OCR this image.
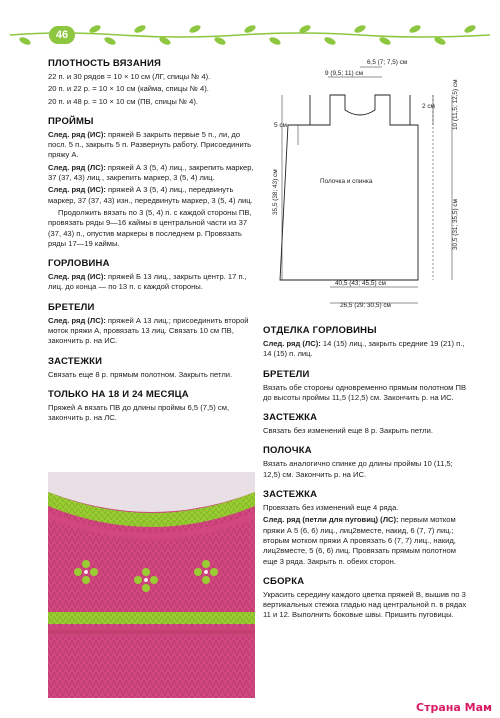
46
ПЛОТНОСТЬ ВЯЗАНИЯ

22 п. и 30 рядов = 10 × 10 см (ЛГ, спицы № 4).

20 п. и 22 р. = 10 × 10 см (кайма, спицы № 4).

20 п. и 48 р. = 10 × 10 см (ПВ, спицы № 4).

ПРОЙМЫ

След. ряд (ИС): пряжей Б закрыть первые 5 п., ли, до посл. 5 п., закрыть 5 п. Развернуть работу. Присоединить пряжу А.

След. ряд (ЛС): пряжей А 3 (5, 4) лиц., закрепить маркер, 37 (37, 43) лиц., закрепить маркер, 3 (5, 4) лиц.

След. ряд (ИС): пряжей А 3 (5, 4) лиц., передвинуть маркер, 37 (37, 43) изн., передвинуть маркер, 3 (5, 4) лиц.

Продолжить вязать по 3 (5, 4) п. с каждой стороны ПВ, провязать ряды 9—16 каймы в центральной части из 37 (37, 43) п., опустив маркеры в последнем р. Провязать ряды 17—19 каймы.

ГОРЛОВИНА

След. ряд (ИС): пряжей Б 13 лиц., закрыть центр. 17 п., лиц. до конца — по 13 п. с каждой стороны.

БРЕТЕЛИ

След. ряд (ЛС): пряжей А 13 лиц.; присоединить второй моток пряжи А, провязать 13 лиц. Связать 10 см ПВ, закончить р. на ИС.

ЗАСТЕЖКИ

Связать еще 8 р. прямым полотном. Закрыть петли.

ТОЛЬКО НА 18 И 24 МЕСЯЦА

Пряжей А вязать ПВ до длины проймы 6,5 (7,5) см, закончить р. на ЛС.

6,5 (7; 7,5) см
9 (9,5; 11) см
2 см
5 см	10 (11,5; 12,5) см
30,5 (31; 35,5) см
35,5 (38; 43) см	Полочка и спинка
40,5 (43; 45,5) см
26,5 (29; 30,5) см
ОТДЕЛКА ГОРЛОВИНЫ

След. ряд (ЛС): 14 (15) лиц., закрыть средние 19 (21) п., 14 (15) п. лиц.

БРЕТЕЛИ

Вязать обе стороны одновременно прямым полотном ПВ до высоты проймы 11,5 (12,5) см. Закончить р. на ИС.

ЗАСТЕЖКА

Связать без изменений еще 8 р. Закрыть петли.

ПОЛОЧКА

Вязать аналогично спинке до длины проймы 10 (11,5; 12,5) см. Закончить р. на ИС.

ЗАСТЕЖКА

Провязать без изменений еще 4 ряда.

След. ряд (петли для пуговиц) (ЛС): первым мотком пряжи А 5 (6, 6) лиц., лиц2вместе, накид, 6 (7, 7) лиц.; вторым мотком пряжи А провязать 6 (7, 7) лиц., накид, лиц2вместе, 5 (6, 6) лиц. Провязать прямым полотном еще 3 ряда. Закрыть п. обеих сторон.

СБОРКА

Украсить середину каждого цветка пряжей В, вышив по 3 вертикальных стежка гладью над центральной п. в рядах 11 и 12. Выполнить боковые швы. Пришить пуговицы.

Страна Мам
